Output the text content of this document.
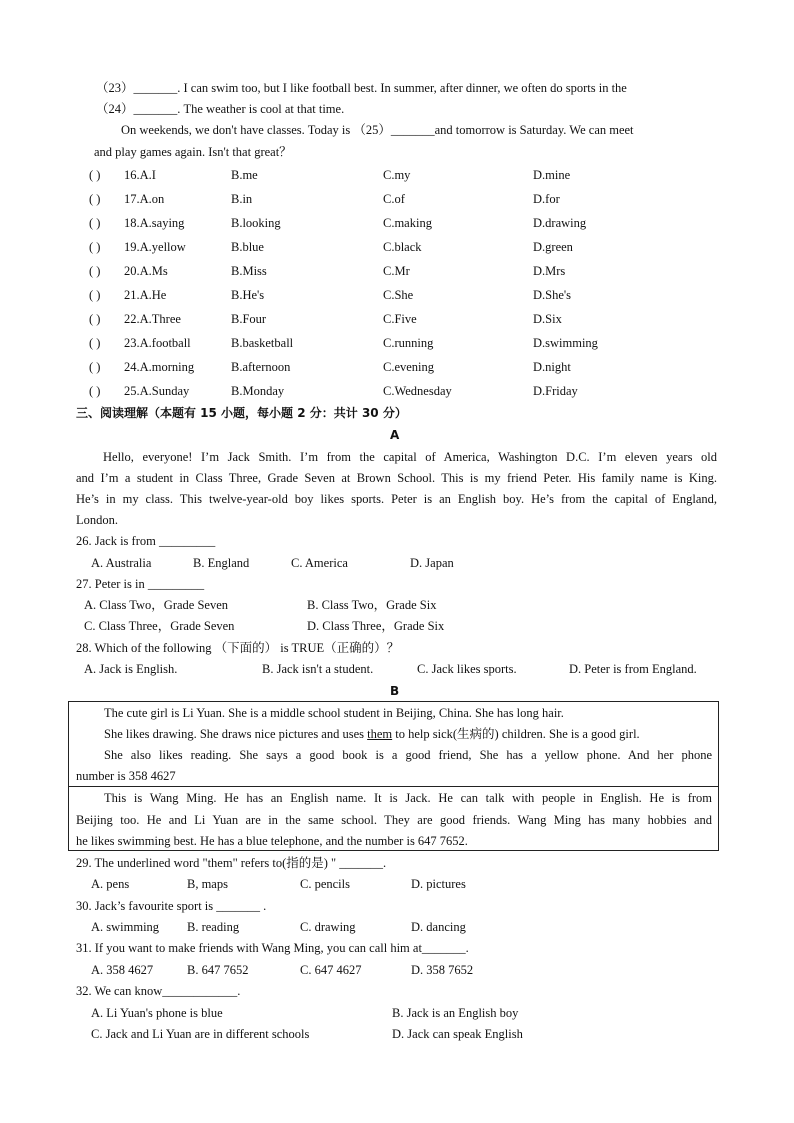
（23）_______. I can swim too, but I like football best. In summer, after dinner, we often do sports in the
（24）_______. The weather is cool at that time.
On weekends, we don't have classes. Today is （25）_______and tomorrow is Saturday. We can meet
and play games again. Isn't that great？
( ) 16.A.I	B.me	C.my	D.mine
( ) 17.A.on	B.in	C.of	D.for
( ) 18.A.saying	B.looking	C.making	D.drawing
( ) 19.A.yellow	B.blue	C.black	D.green
( ) 20.A.Ms	B.Miss	C.Mr	D.Mrs
( ) 21.A.He	B.He's	C.She	D.She's
( ) 22.A.Three	B.Four	C.Five	D.Six
( ) 23.A.football	B.basketball	C.running	D.swimming
( ) 24.A.morning	B.afternoon	C.evening	D.night
( ) 25.A.Sunday	B.Monday	C.Wednesday	D.Friday
三、阅读理解（本题有 15 小题，每小题 2 分：共计 30 分）
A
Hello, everyone! I’m Jack Smith. I’m from the capital of America, Washington D.C. I’m eleven years old
and I’m a student in Class Three, Grade Seven at Brown School. This is my friend Peter. His family name is King.
He’s in my class. This twelve-year-old boy likes sports. Peter is an English boy. He’s from the capital of England,
London.
26. Jack is from _________
A. Australia	B. England	C. America	D. Japan
27. Peter is in _________
A. Class Two，Grade Seven	B. Class Two，Grade Six
C. Class Three，Grade Seven	D. Class Three，Grade Six
28. Which of the following （下面的） is TRUE（正确的）？
A. Jack is English.	B. Jack isn't a student.	C. Jack likes sports.	D. Peter is from England.
B
The cute girl is Li Yuan. She is a middle school student in Beijing, China. She has long hair.
She likes drawing. She draws nice pictures and uses them to help sick(生病的) children. She is a good girl.
She also likes reading. She says a good book is a good friend, She has a yellow phone. And her phone
number is 358 4627
This is Wang Ming. He has an English name. It is Jack. He can talk with people in English. He is from
Beijing too. He and Li Yuan are in the same school. They are good friends. Wang Ming has many hobbies and
he likes swimming best. He has a blue telephone, and the number is 647 7652.
29. The underlined word "them" refers to(指的是) " _______.
A. pens	B, maps	C. pencils	D. pictures
30. Jack’s favourite sport is _______ .
A. swimming B. reading	C. drawing	D. dancing
31. If you want to make friends with Wang Ming, you can call him at_______.
A. 358 4627	B. 647 7652	C. 647 4627	D. 358 7652
32. We can know____________.
A. Li Yuan's phone is blue	B. Jack is an English boy
C. Jack and Li Yuan are in different schools	D. Jack can speak English
